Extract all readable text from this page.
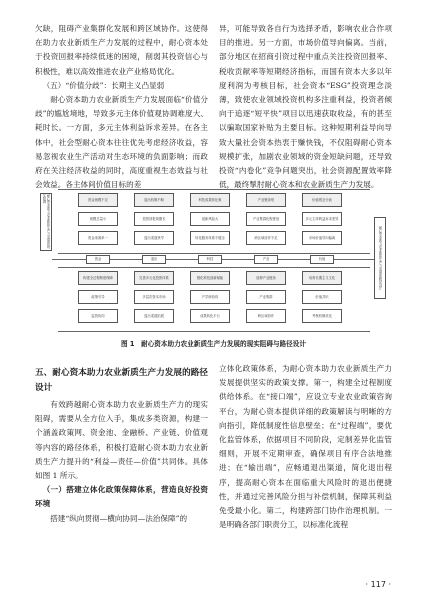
欠缺，阻碍产业集群化发展和跨区域协作。这使得在助力农业新质生产力发展的过程中，耐心资本处于投资回报率持续低迷的困境，削弱其投资信心与积极性，难以高效推进农业产业格局优化。

（五）“价值分歧”：长期主义凸显弱

耐心资本助力农业新质生产力发展面临“价值分歧”的尴尬境地，导致多元主体价值观协调难度大、耗时长。一方面，多元主体利益诉求差异。在各主体中，社会型耐心资本往往优先考虑经济收益，容易忽视农业生产活动对生态环境的负面影响；而政府在关注经济收益的同时，高度重视生态效益与社会效益。各主体间价值目标的差

异，可能导致各自行为选择矛盾，影响农业合作项目的推进。另一方面，市场价值导向偏离。当前，部分地区在招商引资过程中重点关注投资回报率、税收贡献率等短期经济指标，而国有资本大多以年度利润为考核目标，社会资本“ESG”投资理念淡薄，致使农业领域投资机构多注重利益，投资者倾向于追逐“短平快”项目以迅速获取收益，有的甚至以骗取国家补贴为主要目标。这种短期利益导向导致大量社会资本热衷于赚快钱，不仅阻碍耐心资本规模扩张，加剧农业领域的资金短缺问题，还导致投资“内卷化”竞争问题突出，社会资源配置效率降低，最终掣肘耐心资本和农业新质生产力发展。

耐心资本助力农业新质生产力发展的现实阻碍
耐心资本助力农业新质生产力发展的路径设计
资金规模不足	退出机制不畅	科技成果转化难	产业链条短	价值观念分歧
规模总量小	投资回报周期长	创新风险大	产业集群化程度低	多元主体利益诉求差异
资金来源单一	退出渠道狭窄	转化服务体系不健全	跨区域协作不足	市场价值导向偏离
资金	退出	科技	产业	价值
构建全过程制度保障	完善多元化投资体系	强化科技创新赋能	延伸产业链条	培育长期主义文化
政策引导	多层次资本市场	产学研协同	产业集群	价值共识
监管协同	退出渠道拓展	成果转化平台	跨区域协作	考核机制优化
图 1　耐心资本助力农业新质生产力发展的现实阻碍与路径设计

五、耐心资本助力农业新质生产力发展的路径设计

有效跨越耐心资本助力农业新质生产力的现实阻碍，需要从全方位入手，集成多类资源，构建一个涵盖政策网、资金池、金融桥、产业链、价值观等内容的路径体系，积极打造耐心资本助力农业新质生产力提升的“利益—责任—价值”共同体。具体如图 1 所示。

（一）搭建立体化政策保障体系，营造良好投资环境

搭建“纵向贯彻—横向协同—法治保障”的

立体化政策体系，为耐心资本助力农业新质生产力发展提供坚实的政策支撑。第一，构建全过程制度供给体系。在“接口端”，应设立专业农业政策咨询平台，为耐心资本提供详细的政策解读与明晰的方向指引，降低制度性信息壁垒；在“过程端”，要优化监管体系，依据项目不同阶段，定制差异化监管细则，开展不定期审查，确保项目有序合法地推进；在“输出端”，应畅通退出渠道，简化退出程序，提高耐心资本在面临重大风险时的退出便捷性，并通过完善风险分担与补偿机制，保障其利益免受最小化。第二，构建跨部门协作治理机制。一是明确各部门职责分工，以标准化流程

· 117 ·
